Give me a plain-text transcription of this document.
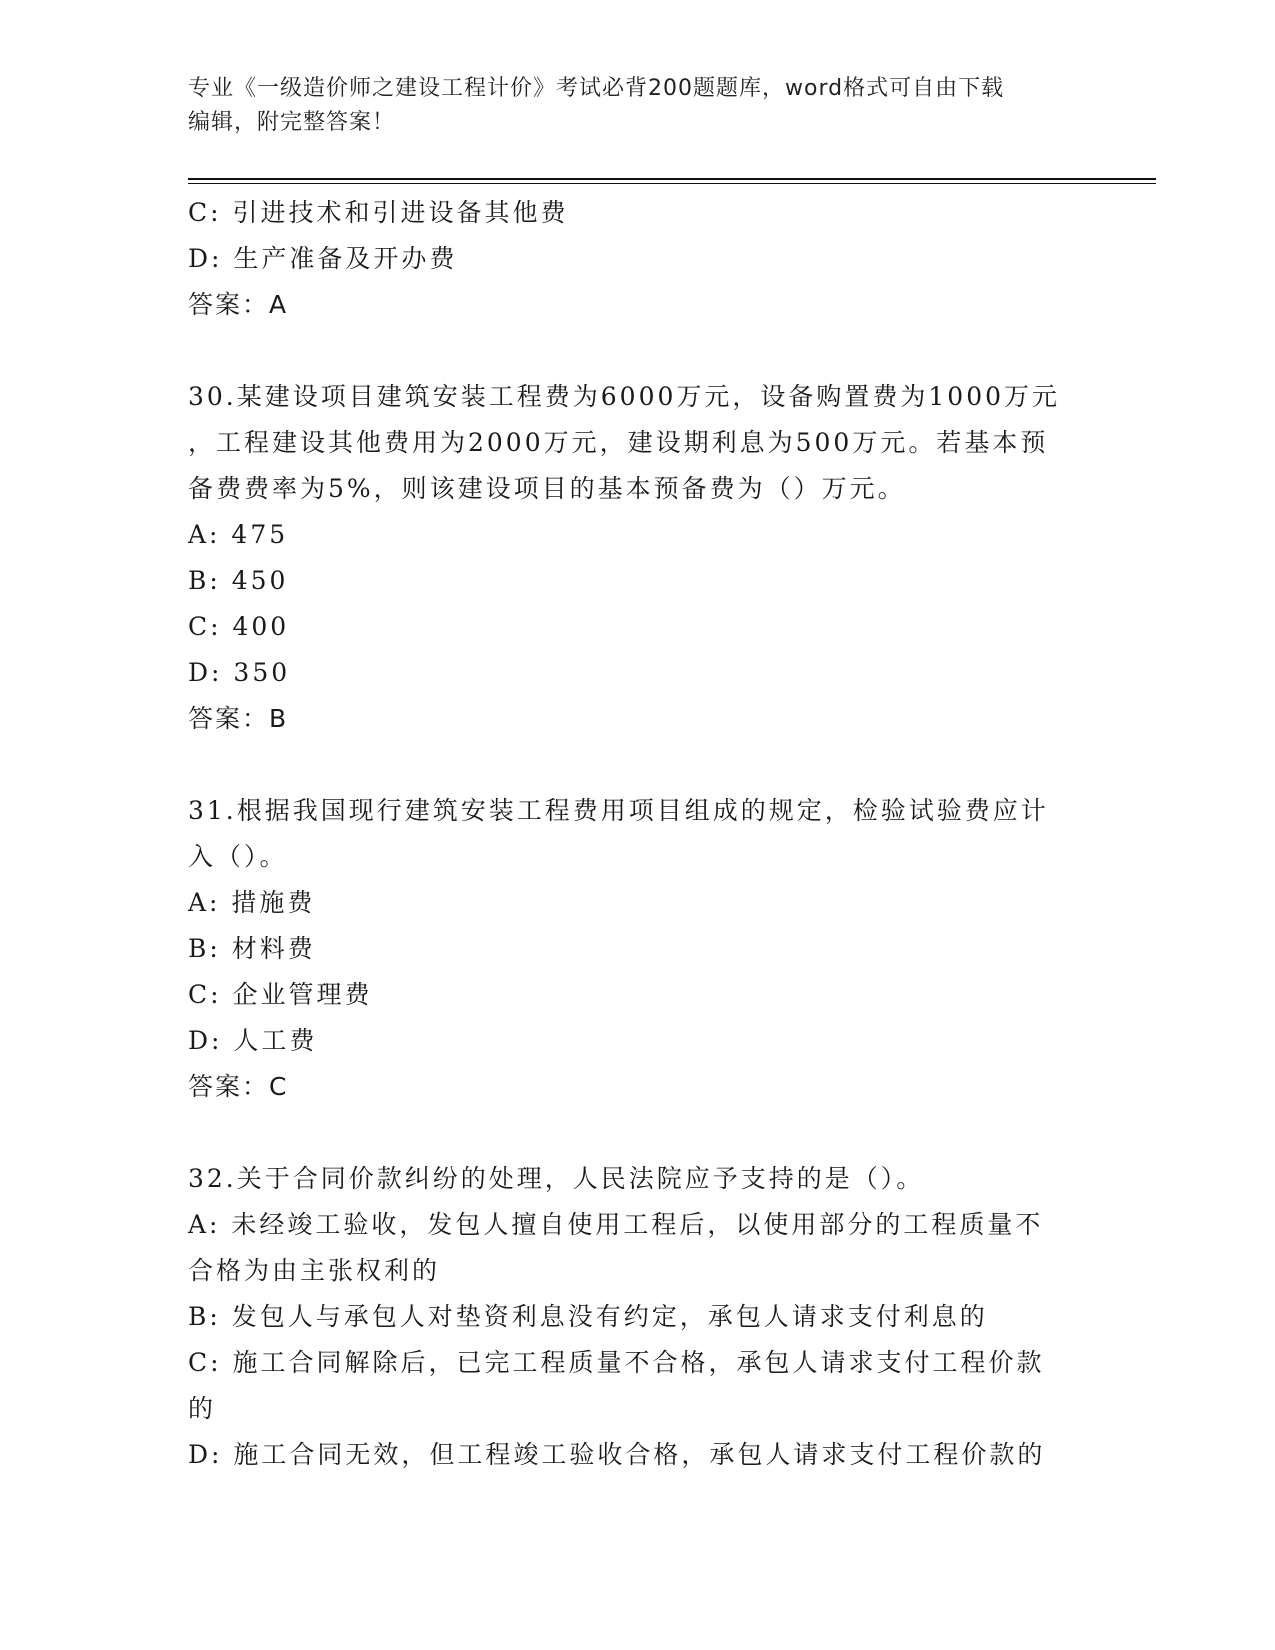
专业《一级造价师之建设工程计价》考试必背200题题库，word格式可自由下载
编辑，附完整答案！

C: 引进技术和引进设备其他费

D: 生产准备及开办费

答案：A

30.某建设项目建筑安装工程费为6000万元，设备购置费为1000万元

，工程建设其他费用为2000万元，建设期利息为500万元。若基本预

备费费率为5%，则该建设项目的基本预备费为（）万元。

A: 475

B: 450

C: 400

D: 350

答案：B

31.根据我国现行建筑安装工程费用项目组成的规定，检验试验费应计

入（）。

A: 措施费

B: 材料费

C: 企业管理费

D: 人工费

答案：C

32.关于合同价款纠纷的处理，人民法院应予支持的是（）。

A: 未经竣工验收，发包人擅自使用工程后，以使用部分的工程质量不

合格为由主张权利的

B: 发包人与承包人对垫资利息没有约定，承包人请求支付利息的

C: 施工合同解除后，已完工程质量不合格，承包人请求支付工程价款

的

D: 施工合同无效，但工程竣工验收合格，承包人请求支付工程价款的
